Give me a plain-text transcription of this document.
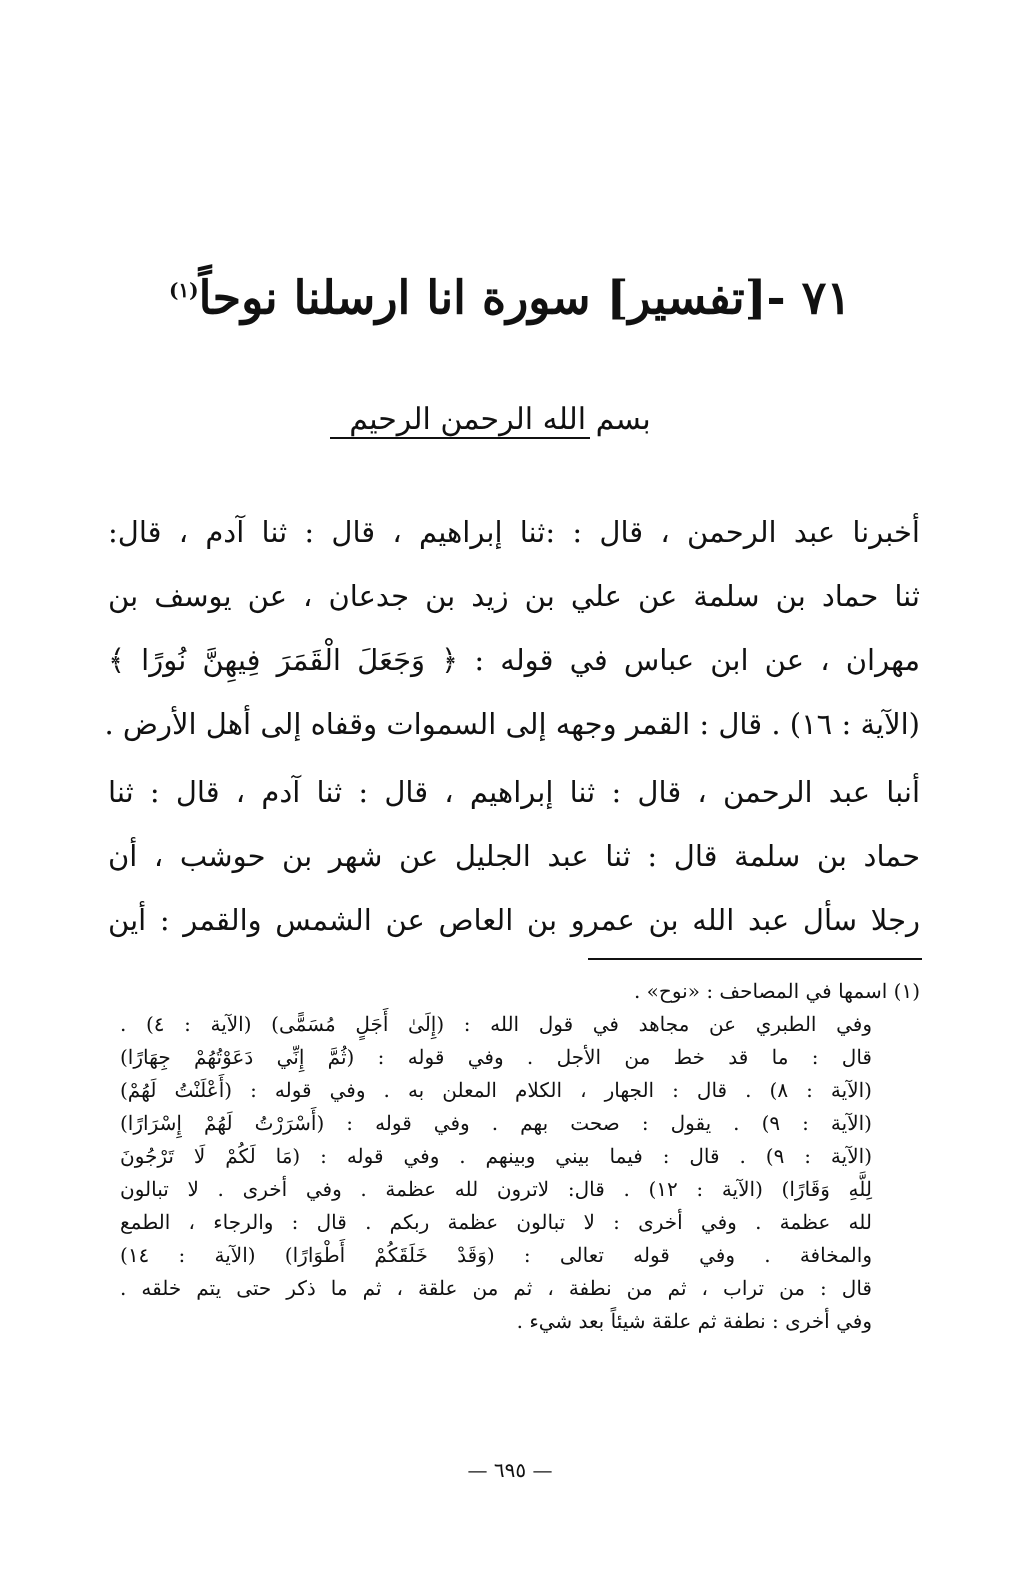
٧١ -[تفسير] سورة انا ارسلنا نوحاً$^{(١)}$
بسم الله الرحمن الرحيم
أخبرنا عبد الرحمن ، قال : :ثنا إبراهيم ، قال : ثنا آدم ، قال:
ثنا حماد بن سلمة عن علي بن زيد بن جدعان ، عن يوسف بن
مهران ، عن ابن عباس في قوله : ﴿ وَجَعَلَ الْقَمَرَ فِيهِنَّ نُورًا ﴾
(الآية : ١٦) . قال : القمر وجهه إلى السموات وقفاه إلى أهل الأرض .
أنبا عبد الرحمن ، قال : ثنا إبراهيم ، قال : ثنا آدم ، قال : ثنا
حماد بن سلمة قال : ثنا عبد الجليل عن شهر بن حوشب ، أن
رجلا سأل عبد الله بن عمرو بن العاص عن الشمس والقمر : أين
(١) اسمها في المصاحف : «نوح» .
وفي الطبري عن مجاهد في قول الله : (إِلَىٰ أَجَلٍ مُسَمًّى) (الآية : ٤) .
قال : ما قد خط من الأجل . وفي قوله : (ثُمَّ إِنِّي دَعَوْتُهُمْ جِهَارًا)
(الآية : ٨) . قال : الجهار ، الكلام المعلن به . وفي قوله : (أَعْلَنْتُ لَهُمْ)
(الآية : ٩) . يقول : صحت بهم . وفي قوله : (أَسْرَرْتُ لَهُمْ إِسْرَارًا)
(الآية : ٩) . قال : فيما بيني وبينهم . وفي قوله : (مَا لَكُمْ لَا تَرْجُونَ
لِلَّهِ وَقَارًا) (الآية : ١٢) . قال: لاترون لله عظمة . وفي أخرى . لا تبالون
لله عظمة . وفي أخرى : لا تبالون عظمة ربكم . قال : والرجاء ، الطمع
والمخافة . وفي قوله تعالى : (وَقَدْ خَلَقَكُمْ أَطْوَارًا) (الآية : ١٤)
قال : من تراب ، ثم من نطفة ، ثم من علقة ، ثم ما ذكر حتى يتم خلقه .
وفي أخرى : نطفة ثم علقة شيئاً بعد شيء .
— ٦٩٥ —
